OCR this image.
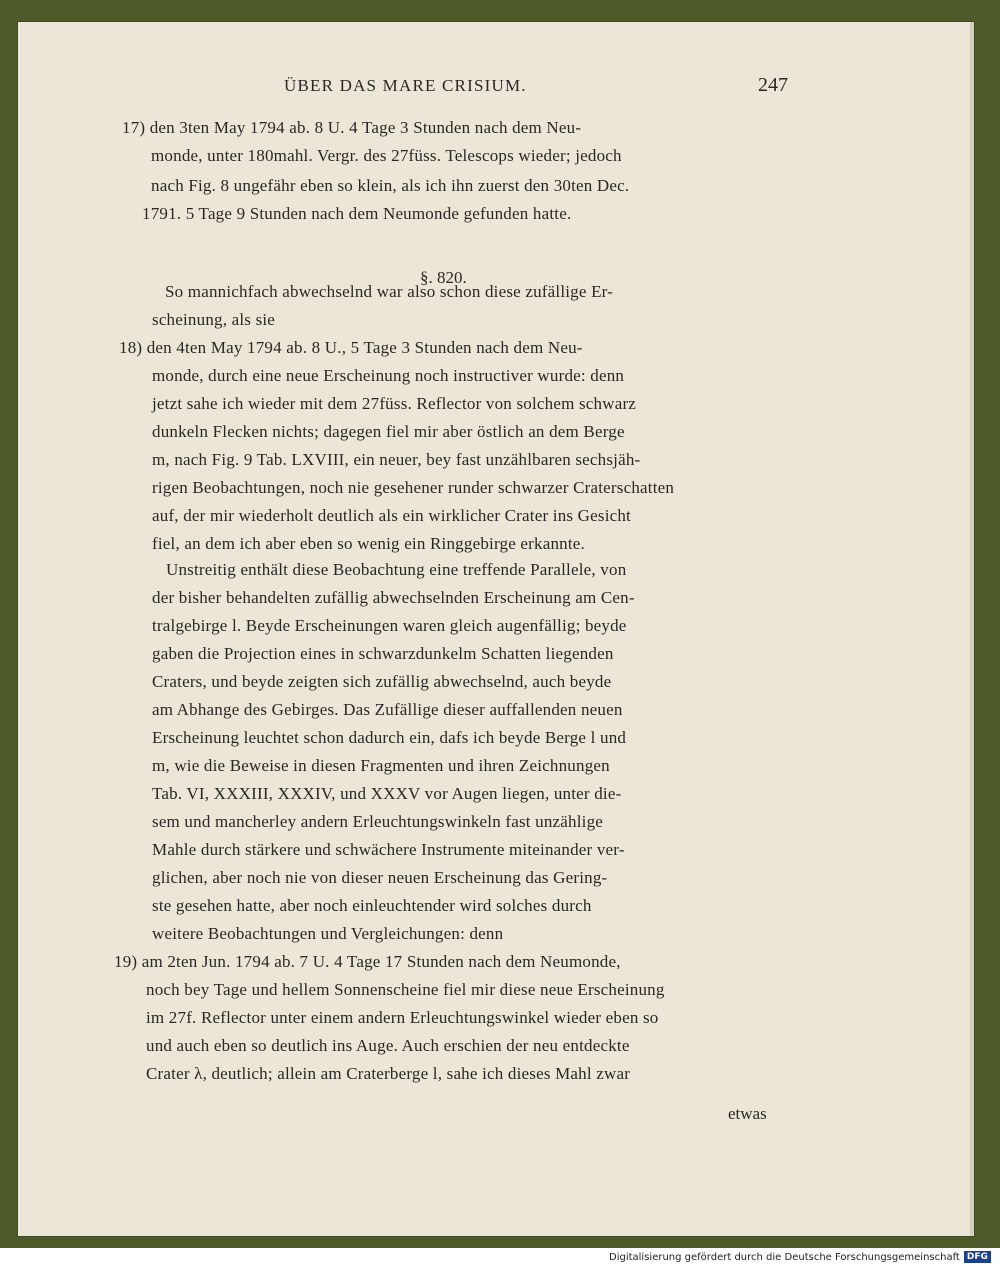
ÜBER DAS MARE CRISIUM.	247
17) den 3ten May 1794 ab. 8 U. 4 Tage 3 Stunden nach dem Neu-
monde, unter 180mahl. Vergr. des 27füss. Telescops wieder; jedoch
nach Fig. 8 ungefähr eben so klein, als ich ihn zuerst den 30ten Dec.
1791. 5 Tage 9 Stunden nach dem Neumonde gefunden hatte.
§. 820.
So mannichfach abwechselnd war also schon diese zufällige Er-
scheinung, als sie
18) den 4ten May 1794 ab. 8 U., 5 Tage 3 Stunden nach dem Neu-
monde, durch eine neue Erscheinung noch instructiver wurde: denn
jetzt sahe ich wieder mit dem 27füss. Reflector von solchem schwarz
dunkeln Flecken nichts; dagegen fiel mir aber östlich an dem Berge
m, nach Fig. 9 Tab. LXVIII, ein neuer, bey fast unzählbaren sechsjäh-
rigen Beobachtungen, noch nie gesehener runder schwarzer Craterschatten
auf, der mir wiederholt deutlich als ein wirklicher Crater ins Gesicht
fiel, an dem ich aber eben so wenig ein Ringgebirge erkannte.
Unstreitig enthält diese Beobachtung eine treffende Parallele, von
der bisher behandelten zufällig abwechselnden Erscheinung am Cen-
tralgebirge l. Beyde Erscheinungen waren gleich augenfällig; beyde
gaben die Projection eines in schwarzdunkelm Schatten liegenden
Craters, und beyde zeigten sich zufällig abwechselnd, auch beyde
am Abhange des Gebirges. Das Zufällige dieser auffallenden neuen
Erscheinung leuchtet schon dadurch ein, dafs ich beyde Berge l und
m, wie die Beweise in diesen Fragmenten und ihren Zeichnungen
Tab. VI, XXXIII, XXXIV, und XXXV vor Augen liegen, unter die-
sem und mancherley andern Erleuchtungswinkeln fast unzählige
Mahle durch stärkere und schwächere Instrumente miteinander ver-
glichen, aber noch nie von dieser neuen Erscheinung das Gering-
ste gesehen hatte, aber noch einleuchtender wird solches durch
weitere Beobachtungen und Vergleichungen: denn
19) am 2ten Jun. 1794 ab. 7 U. 4 Tage 17 Stunden nach dem Neumonde,
noch bey Tage und hellem Sonnenscheine fiel mir diese neue Erscheinung
im 27f. Reflector unter einem andern Erleuchtungswinkel wieder eben so
und auch eben so deutlich ins Auge. Auch erschien der neu entdeckte
Crater λ, deutlich; allein am Craterberge l, sahe ich dieses Mahl zwar
etwas
Digitalisierung gefördert durch die Deutsche Forschungsgemeinschaft DFG
